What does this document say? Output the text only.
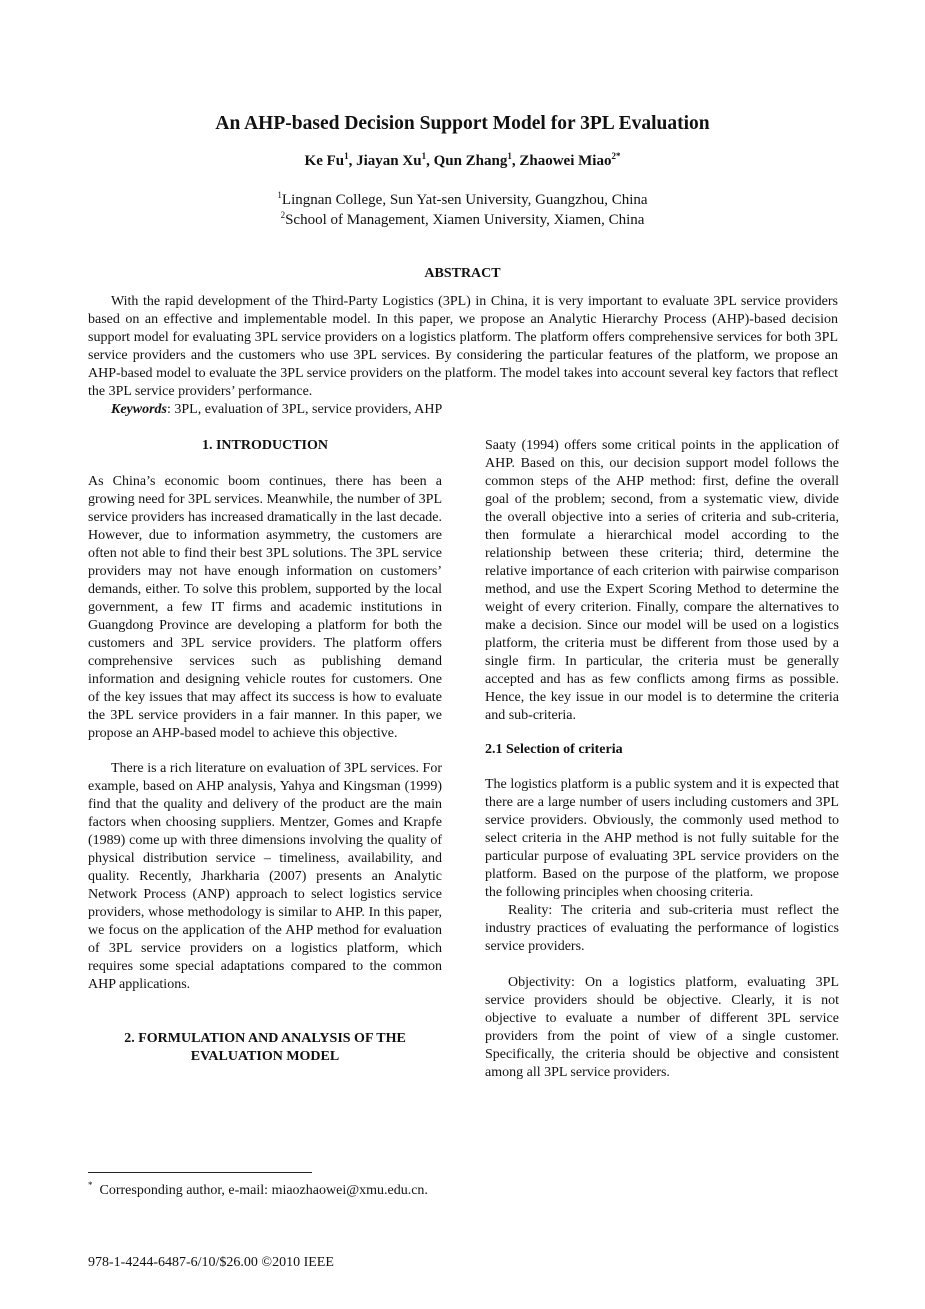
An AHP-based Decision Support Model for 3PL Evaluation
Ke Fu$^1$, Jiayan Xu$^1$, Qun Zhang$^1$, Zhaowei Miao$^{2*}$
$^1$Lingnan College, Sun Yat-sen University, Guangzhou, China
$^2$School of Management, Xiamen University, Xiamen, China
ABSTRACT

With the rapid development of the Third-Party Logistics (3PL) in China, it is very important to evaluate 3PL service providers based on an effective and implementable model. In this paper, we propose an Analytic Hierarchy Process (AHP)-based decision support model for evaluating 3PL service providers on a logistics platform. The platform offers comprehensive services for both 3PL service providers and the customers who use 3PL services. By considering the particular features of the platform, we propose an AHP-based model to evaluate the 3PL service providers on the platform. The model takes into account several key factors that reflect the 3PL service providers’ performance.

Keywords: 3PL, evaluation of 3PL, service providers, AHP

1. INTRODUCTION

As China’s economic boom continues, there has been a growing need for 3PL services. Meanwhile, the number of 3PL service providers has increased dramatically in the last decade. However, due to information asymmetry, the customers are often not able to find their best 3PL solutions. The 3PL service providers may not have enough information on customers’ demands, either. To solve this problem, supported by the local government, a few IT firms and academic institutions in Guangdong Province are developing a platform for both the customers and 3PL service providers. The platform offers comprehensive services such as publishing demand information and designing vehicle routes for customers. One of the key issues that may affect its success is how to evaluate the 3PL service providers in a fair manner. In this paper, we propose an AHP-based model to achieve this objective.

There is a rich literature on evaluation of 3PL services. For example, based on AHP analysis, Yahya and Kingsman (1999) find that the quality and delivery of the product are the main factors when choosing suppliers. Mentzer, Gomes and Krapfe (1989) come up with three dimensions involving the quality of physical distribution service – timeliness, availability, and quality. Recently, Jharkharia (2007) presents an Analytic Network Process (ANP) approach to select logistics service providers, whose methodology is similar to AHP. In this paper, we focus on the application of the AHP method for evaluation of 3PL service providers on a logistics platform, which requires some special adaptations compared to the common AHP applications.

2. FORMULATION AND ANALYSIS OF THE
EVALUATION MODEL

Saaty (1994) offers some critical points in the application of AHP. Based on this, our decision support model follows the common steps of the AHP method: first, define the overall goal of the problem; second, from a systematic view, divide the overall objective into a series of criteria and sub-criteria, then formulate a hierarchical model according to the relationship between these criteria; third, determine the relative importance of each criterion with pairwise comparison method, and use the Expert Scoring Method to determine the weight of every criterion. Finally, compare the alternatives to make a decision. Since our model will be used on a logistics platform, the criteria must be different from those used by a single firm. In particular, the criteria must be generally accepted and has as few conflicts among firms as possible. Hence, the key issue in our model is to determine the criteria and sub-criteria.

2.1 Selection of criteria

The logistics platform is a public system and it is expected that there are a large number of users including customers and 3PL service providers. Obviously, the commonly used method to select criteria in the AHP method is not fully suitable for the particular purpose of evaluating 3PL service providers on the platform. Based on the purpose of the platform, we propose the following principles when choosing criteria.

Reality: The criteria and sub-criteria must reflect the industry practices of evaluating the performance of logistics service providers.

Objectivity: On a logistics platform, evaluating 3PL service providers should be objective. Clearly, it is not objective to evaluate a number of different 3PL service providers from the point of view of a single customer. Specifically, the criteria should be objective and consistent among all 3PL service providers.

* Corresponding author, e-mail: miaozhaowei@xmu.edu.cn.
978-1-4244-6487-6/10/$26.00 ©2010 IEEE
